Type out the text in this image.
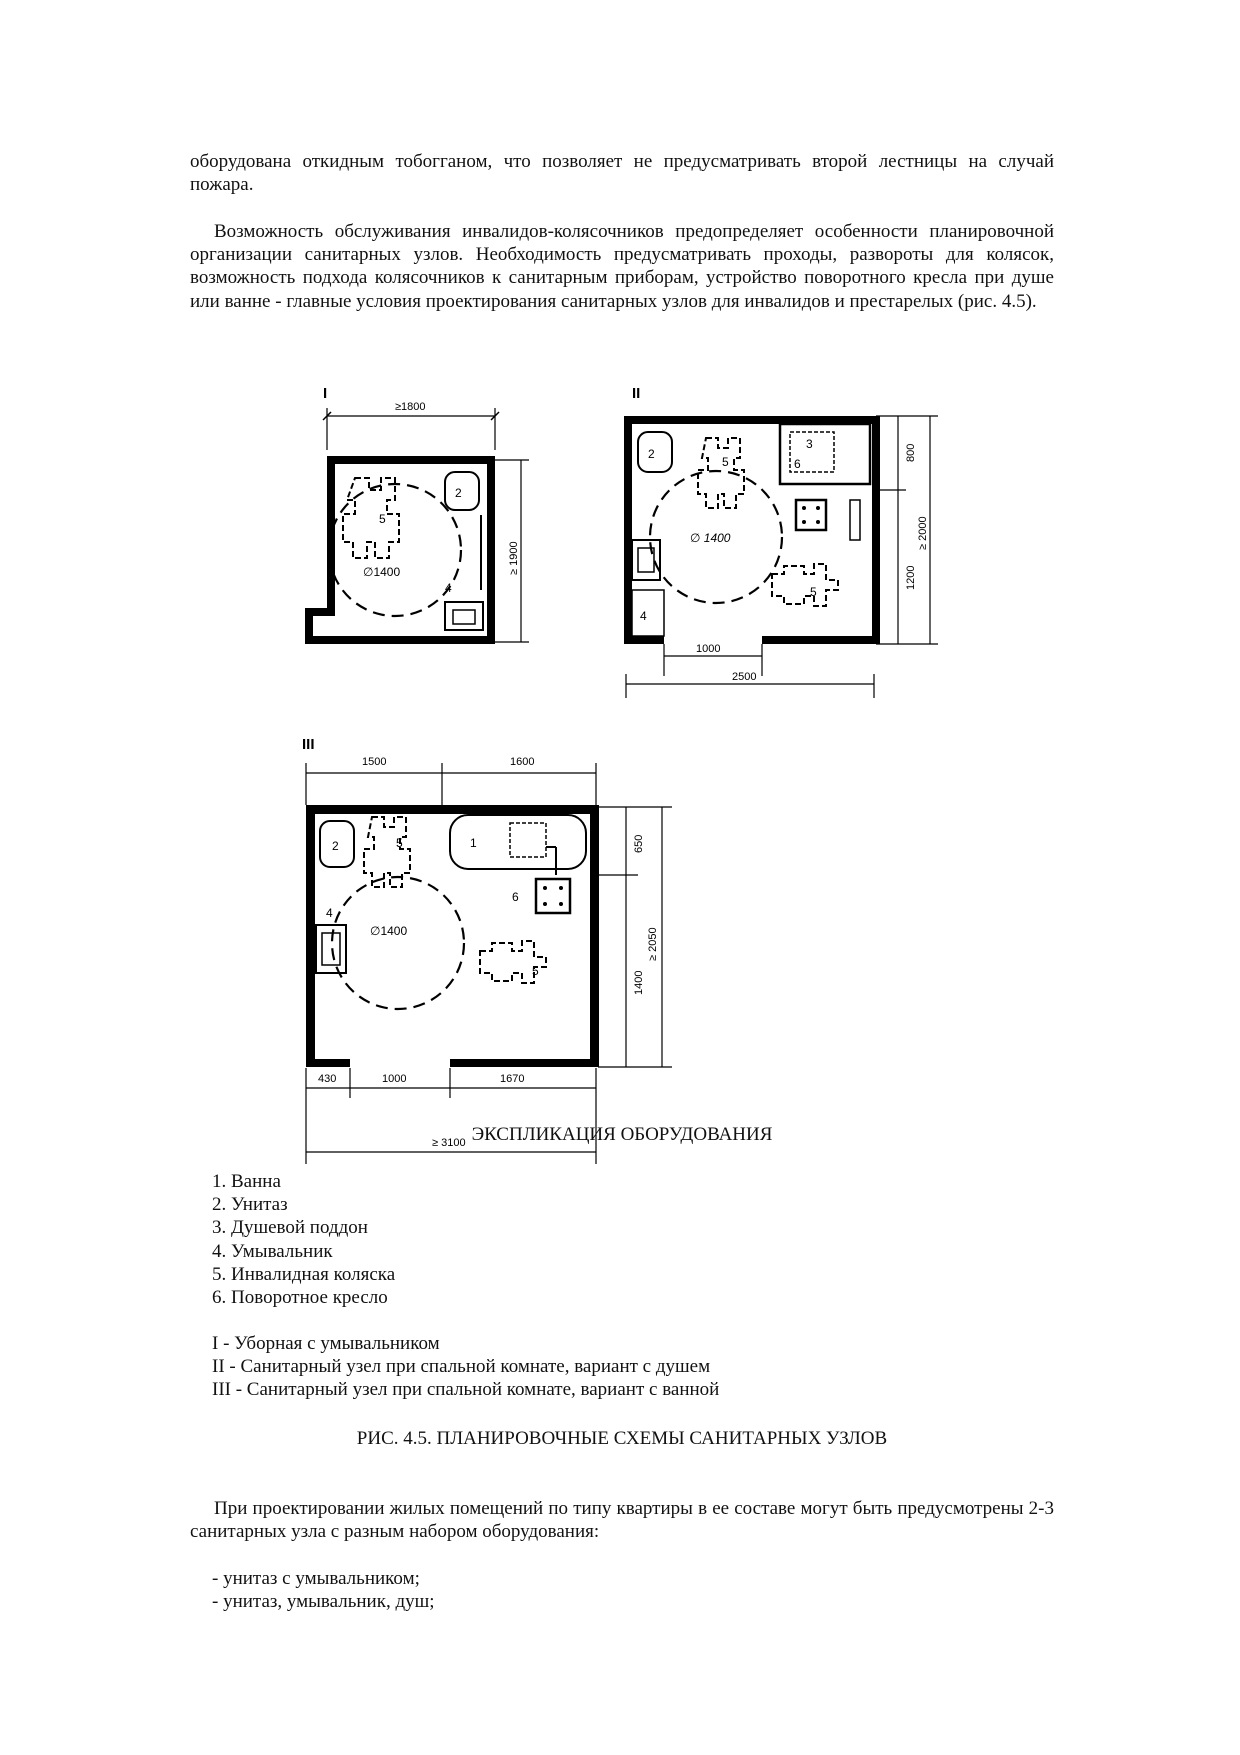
оборудована откидным тобогганом, что позволяет не предусматривать второй лестницы на случай пожара.

Возможность обслуживания инвалидов-колясочников предопределяет особенности планировочной организации санитарных узлов. Необходимость предусматривать проходы, развороты для колясок, возможность подхода колясочников к санитарным приборам, устройство поворотного кресла при душе или ванне - главные условия проектирования санитарных узлов для инвалидов и престарелых (рис. 4.5).

I
≥1800
≥ 1900
∅1400
5
2
4
II
3
6
2
4
∅ 1400
5
5
800
1200
≥ 2000
1000
2500
III
1500	1600
2	1
6
4
∅1400
5
5
650
1400
≥ 2050
430	1000	1670
≥ 3100 ЭКСПЛИКАЦИЯ ОБОРУДОВАНИЯ

1. Ванна
2. Унитаз
3. Душевой поддон
4. Умывальник
5. Инвалидная коляска
6. Поворотное кресло
I - Уборная с умывальником
II - Санитарный узел при спальной комнате, вариант с душем
III - Санитарный узел при спальной комнате, вариант с ванной

РИС. 4.5. ПЛАНИРОВОЧНЫЕ СХЕМЫ САНИТАРНЫХ УЗЛОВ

При проектировании жилых помещений по типу квартиры в ее составе могут быть предусмотрены 2-3 санитарных узла с разным набором оборудования:

- унитаз с умывальником;
- унитаз, умывальник, душ;
